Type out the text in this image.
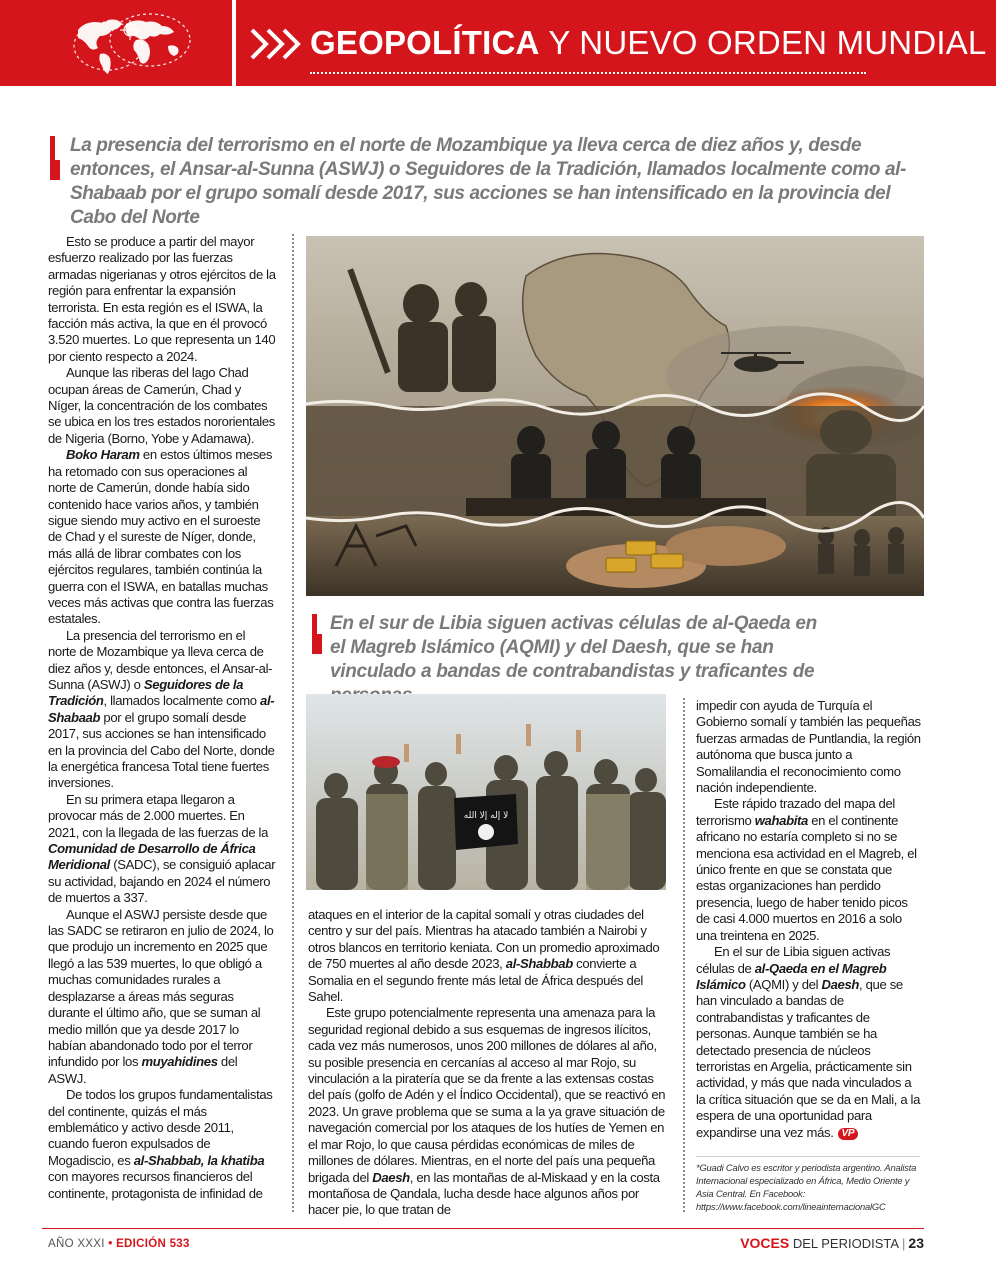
GEOPOLÍTICA Y NUEVO ORDEN MUNDIAL
La presencia del terrorismo en el norte de Mozambique ya lleva cerca de diez años y, desde entonces, el Ansar-al-Sunna (ASWJ) o Seguidores de la Tradición, llamados localmente como al-Shabaab por el grupo somalí desde 2017, sus acciones se han intensificado en la provincia del Cabo del Norte

Esto se produce a partir del mayor esfuerzo realizado por las fuerzas armadas nigerianas y otros ejércitos de la región para enfrentar la expansión terrorista. En esta región es el ISWA, la facción más activa, la que en él provocó 3.520 muertes. Lo que representa un 140 por ciento respecto a 2024.

Aunque las riberas del lago Chad ocupan áreas de Camerún, Chad y Níger, la concentración de los combates se ubica en los tres estados nororientales de Nigeria (Borno, Yobe y Adamawa).

Boko Haram en estos últimos meses ha retomado con sus operaciones al norte de Camerún, donde había sido contenido hace varios años, y también sigue siendo muy activo en el suroeste de Chad y el sureste de Níger, donde, más allá de librar combates con los ejércitos regulares, también continúa la guerra con el ISWA, en batallas muchas veces más activas que contra las fuerzas estatales.

La presencia del terrorismo en el norte de Mozambique ya lleva cerca de diez años y, desde entonces, el Ansar-al-Sunna (ASWJ) o Seguidores de la Tradición, llamados localmente como al-Shabaab por el grupo somalí desde 2017, sus acciones se han intensificado en la provincia del Cabo del Norte, donde la energética francesa Total tiene fuertes inversiones.

En su primera etapa llegaron a provocar más de 2.000 muertes. En 2021, con la llegada de las fuerzas de la Comunidad de Desarrollo de África Meridional (SADC), se consiguió aplacar su actividad, bajando en 2024 el número de muertos a 337.

Aunque el ASWJ persiste desde que las SADC se retiraron en julio de 2024, lo que produjo un incremento en 2025 que llegó a las 539 muertes, lo que obligó a muchas comunidades rurales a desplazarse a áreas más seguras durante el último año, que se suman al medio millón que ya desde 2017 lo habían abandonado todo por el terror infundido por los muyahidines del ASWJ.

De todos los grupos fundamentalistas del continente, quizás el más emblemático y activo desde 2011, cuando fueron expulsados de Mogadiscio, es al-Shabbab, la khatiba con mayores recursos financieros del continente, protagonista de infinidad de

En el sur de Libia siguen activas células de al-Qaeda en el Magreb Islámico (AQMI) y del Daesh, que se han vinculado a bandas de contrabandistas y traficantes de
لا إله إلا الله

ataques en el interior de la capital somalí y otras ciudades del centro y sur del país. Mientras ha atacado también a Nairobi y otros blancos en territorio keniata. Con un promedio aproximado de 750 muertes al año desde 2023, al-Shabbab convierte a Somalia en el segundo frente más letal de África después del Sahel.

Este grupo potencialmente representa una amenaza para la seguridad regional debido a sus esquemas de ingresos ilícitos, cada vez más numerosos, unos 200 millones de dólares al año, su posible presencia en cercanías al acceso al mar Rojo, su vinculación a la piratería que se da frente a las extensas costas del país (golfo de Adén y el Índico Occidental), que se reactivó en 2023. Un grave problema que se suma a la ya grave situación de navegación comercial por los ataques de los hutíes de Yemen en el mar Rojo, lo que causa pérdidas económicas de miles de millones de dólares. Mientras, en el norte del país una pequeña brigada del Daesh, en las montañas de al-Miskaad y en la costa montañosa de Qandala, lucha desde hace algunos años por hacer pie, lo que tratan de

impedir con ayuda de Turquía el Gobierno somalí y también las pequeñas fuerzas armadas de Puntlandia, la región autónoma que busca junto a Somalilandia el reconocimiento como nación independiente.

Este rápido trazado del mapa del terrorismo wahabita en el continente africano no estaría completo si no se menciona esa actividad en el Magreb, el único frente en que se constata que estas organizaciones han perdido presencia, luego de haber tenido picos de casi 4.000 muertos en 2016 a solo una treintena en 2025.

En el sur de Libia siguen activas células de al-Qaeda en el Magreb Islámico (AQMI) y del Daesh, que se han vinculado a bandas de contrabandistas y traficantes de personas. Aunque también se ha detectado presencia de núcleos terroristas en Argelia, prácticamente sin actividad, y más que nada vinculados a la crítica situación que se da en Mali, a la espera de una oportunidad para expandirse una vez más. VP

*Guadi Calvo es escritor y periodista argentino. Analista Internacional especializado en África, Medio Oriente y Asia Central. En Facebook: https://www.facebook.com/lineainternacionalGC
AÑO XXXI • EDICIÓN 533	VOCES DEL PERIODISTA | 23
